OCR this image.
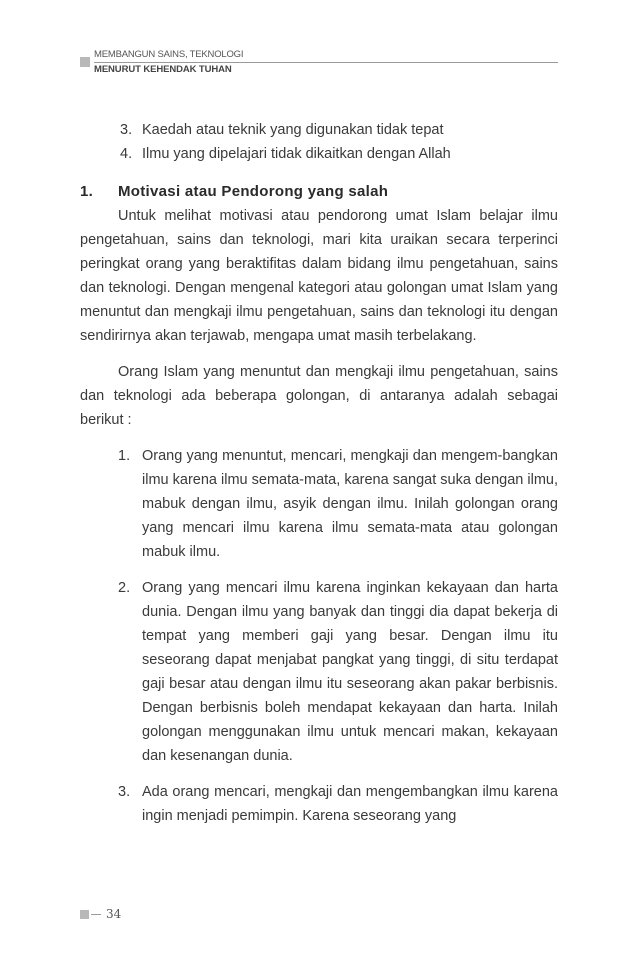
MEMBANGUN SAINS, TEKNOLOGI
MENURUT KEHENDAK TUHAN
3. Kaedah atau teknik yang digunakan tidak tepat
4. Ilmu yang dipelajari tidak dikaitkan dengan Allah
1.	Motivasi atau Pendorong yang salah

Untuk melihat motivasi atau pendorong umat Islam belajar ilmu pengetahuan, sains dan teknologi, mari kita uraikan secara terperinci peringkat orang yang beraktifitas dalam bidang ilmu pengetahuan, sains dan teknologi. Dengan mengenal kategori atau golongan umat Islam yang menuntut dan mengkaji ilmu pengetahuan, sains dan teknologi itu dengan sendirirnya akan terjawab, mengapa umat masih terbelakang.

Orang Islam yang menuntut dan mengkaji ilmu pengetahuan, sains dan teknologi ada beberapa golongan, di antaranya adalah sebagai berikut :

1. Orang yang menuntut, mencari, mengkaji dan mengem-bangkan ilmu karena ilmu semata-mata, karena sangat suka dengan ilmu, mabuk dengan ilmu, asyik dengan ilmu. Inilah golongan orang yang mencari ilmu karena ilmu semata-mata atau golongan mabuk ilmu.
2. Orang yang mencari ilmu karena inginkan kekayaan dan harta dunia. Dengan ilmu yang banyak dan tinggi dia dapat bekerja di tempat yang memberi gaji yang besar. Dengan ilmu itu seseorang dapat menjabat pangkat yang tinggi, di situ terdapat gaji besar atau dengan ilmu itu seseorang akan pakar berbisnis. Dengan berbisnis boleh mendapat kekayaan dan harta. Inilah golongan menggunakan ilmu untuk mencari makan, kekayaan dan kesenangan dunia.
3. Ada orang mencari, mengkaji dan mengembangkan ilmu karena ingin menjadi pemimpin. Karena seseorang yang
34
